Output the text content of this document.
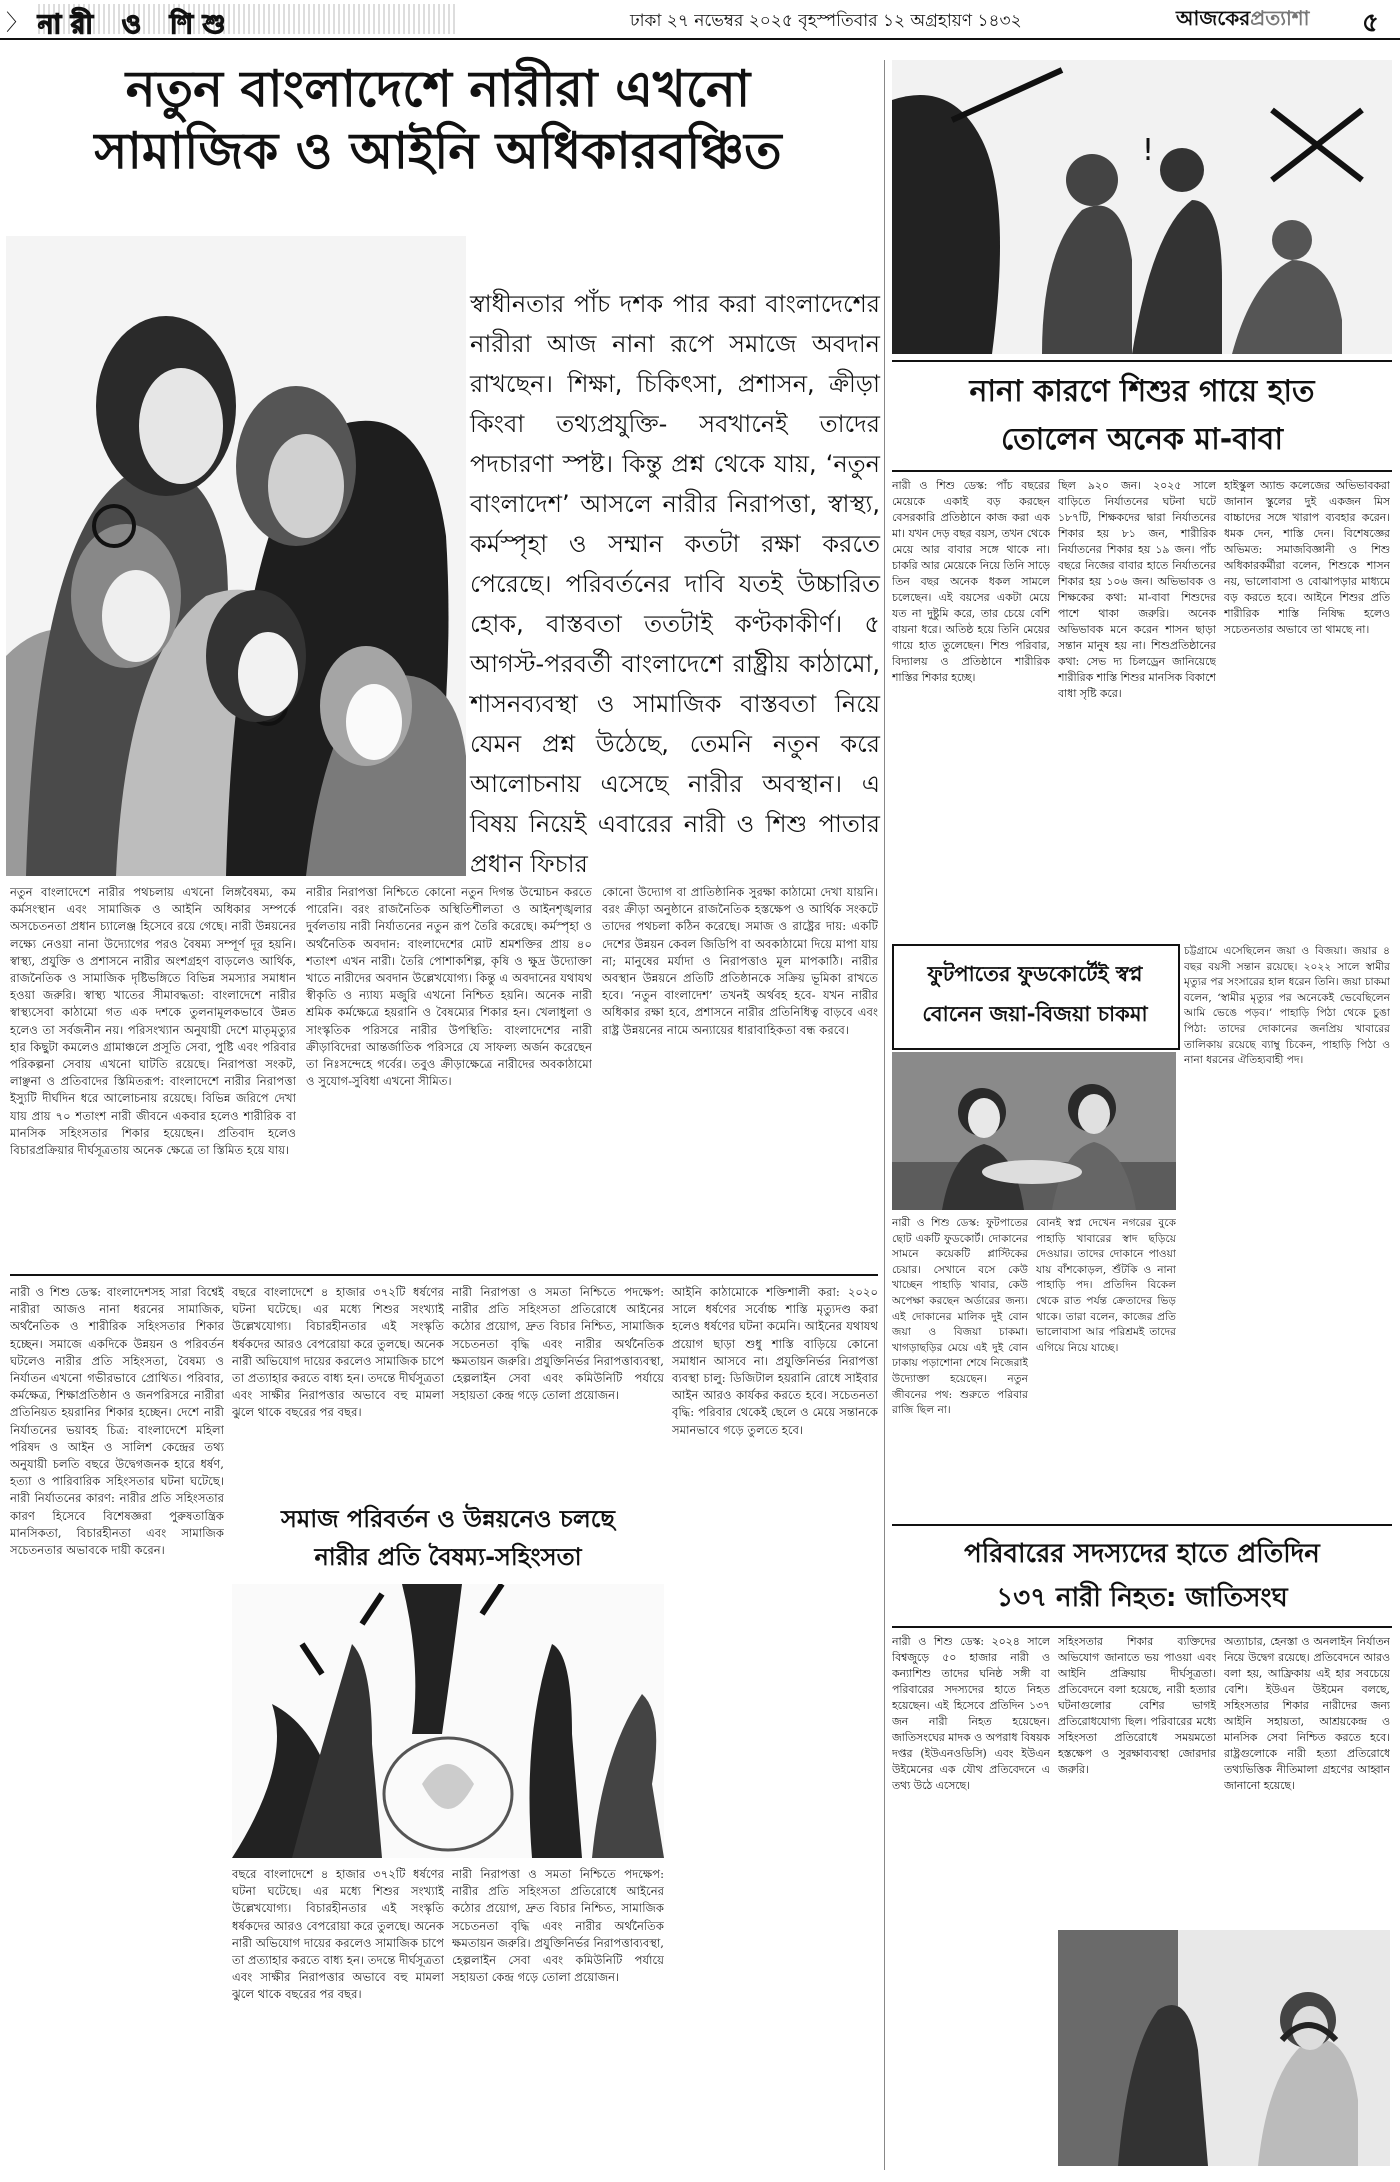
〉 নারী ও শিশু	ঢাকা ২৭ নভেম্বর ২০২৫ বৃহস্পতিবার ১২ অগ্রহায়ণ ১৪৩২	আজকেরপ্রত্যাশা ৫
নতুন বাংলাদেশে নারীরা এখনো
সামাজিক ও আইনি অধিকারবঞ্চিত
স্বাধীনতার পাঁচ দশক পার করা বাংলাদেশের নারীরা আজ নানা রূপে সমাজে অবদান রাখছেন। শিক্ষা, চিকিৎসা, প্রশাসন, ক্রীড়া কিংবা তথ্যপ্রযুক্তি- সবখানেই তাদের পদচারণা স্পষ্ট। কিন্তু প্রশ্ন থেকে যায়, ‘নতুন বাংলাদেশ’ আসলে নারীর নিরাপত্তা, স্বাস্থ্য, কর্মস্পৃহা ও সম্মান কতটা রক্ষা করতে পেরেছে। পরিবর্তনের দাবি যতই উচ্চারিত হোক, বাস্তবতা ততটাই কণ্টকাকীর্ণ। ৫ আগস্ট-পরবর্তী বাংলাদেশে রাষ্ট্রীয় কাঠামো, শাসনব্যবস্থা ও সামাজিক বাস্তবতা নিয়ে যেমন প্রশ্ন উঠেছে, তেমনি নতুন করে আলোচনায় এসেছে নারীর অবস্থান। এ বিষয় নিয়েই এবারের নারী ও শিশু পাতার প্রধান ফিচার
নতুন বাংলাদেশে নারীর পথচলায় এখনো লিঙ্গবৈষম্য, কম কর্মসংস্থান এবং সামাজিক ও আইনি অধিকার সম্পর্কে অসচেতনতা প্রধান চ্যালেঞ্জ হিসেবে রয়ে গেছে। নারী উন্নয়নের লক্ষ্যে নেওয়া নানা উদ্যোগের পরও বৈষম্য সম্পূর্ণ দূর হয়নি। স্বাস্থ্য, প্রযুক্তি ও প্রশাসনে নারীর অংশগ্রহণ বাড়লেও আর্থিক, রাজনৈতিক ও সামাজিক দৃষ্টিভঙ্গিতে বিভিন্ন সমস্যার সমাধান হওয়া জরুরি। স্বাস্থ্য খাতের সীমাবদ্ধতা: বাংলাদেশে নারীর স্বাস্থ্যসেবা কাঠামো গত এক দশকে তুলনামূলকভাবে উন্নত হলেও তা সর্বজনীন নয়। পরিসংখ্যান অনুযায়ী দেশে মাতৃমৃত্যুর হার কিছুটা কমলেও গ্রামাঞ্চলে প্রসূতি সেবা, পুষ্টি এবং পরিবার পরিকল্পনা সেবায় এখনো ঘাটতি রয়েছে। নিরাপত্তা সংকট, লাঞ্ছনা ও প্রতিবাদের স্তিমিতরূপ: বাংলাদেশে নারীর নিরাপত্তা ইস্যুটি দীর্ঘদিন ধরে আলোচনায় রয়েছে। বিভিন্ন জরিপে দেখা যায় প্রায় ৭০ শতাংশ নারী জীবনে একবার হলেও শারীরিক বা মানসিক সহিংসতার শিকার হয়েছেন। প্রতিবাদ হলেও বিচারপ্রক্রিয়ার দীর্ঘসূত্রতায় অনেক ক্ষেত্রে তা স্তিমিত হয়ে যায়।
নারীর নিরাপত্তা নিশ্চিতে কোনো নতুন দিগন্ত উন্মোচন করতে পারেনি। বরং রাজনৈতিক অস্থিতিশীলতা ও আইনশৃঙ্খলার দুর্বলতায় নারী নির্যাতনের নতুন রূপ তৈরি করেছে। কর্মস্পৃহা ও অর্থনৈতিক অবদান: বাংলাদেশের মোট শ্রমশক্তির প্রায় ৪০ শতাংশ এখন নারী। তৈরি পোশাকশিল্প, কৃষি ও ক্ষুদ্র উদ্যোক্তা খাতে নারীদের অবদান উল্লেখযোগ্য। কিন্তু এ অবদানের যথাযথ স্বীকৃতি ও ন্যায্য মজুরি এখনো নিশ্চিত হয়নি। অনেক নারী শ্রমিক কর্মক্ষেত্রে হয়রানি ও বৈষম্যের শিকার হন। খেলাধুলা ও সাংস্কৃতিক পরিসরে নারীর উপস্থিতি: বাংলাদেশের নারী ক্রীড়াবিদেরা আন্তর্জাতিক পরিসরে যে সাফল্য অর্জন করেছেন তা নিঃসন্দেহে গর্বের। তবুও ক্রীড়াক্ষেত্রে নারীদের অবকাঠামো ও সুযোগ-সুবিধা এখনো সীমিত।
কোনো উদ্যোগ বা প্রাতিষ্ঠানিক সুরক্ষা কাঠামো দেখা যায়নি। বরং ক্রীড়া অনুষ্ঠানে রাজনৈতিক হস্তক্ষেপ ও আর্থিক সংকটে তাদের পথচলা কঠিন করেছে। সমাজ ও রাষ্ট্রের দায়: একটি দেশের উন্নয়ন কেবল জিডিপি বা অবকাঠামো দিয়ে মাপা যায় না; মানুষের মর্যাদা ও নিরাপত্তাও মূল মাপকাঠি। নারীর অবস্থান উন্নয়নে প্রতিটি প্রতিষ্ঠানকে সক্রিয় ভূমিকা রাখতে হবে। ‘নতুন বাংলাদেশ’ তখনই অর্থবহ হবে- যখন নারীর অধিকার রক্ষা হবে, প্রশাসনে নারীর প্রতিনিধিত্ব বাড়বে এবং রাষ্ট্র উন্নয়নের নামে অন্যায়ের ধারাবাহিকতা বন্ধ করবে।
নারী ও শিশু ডেস্ক: বাংলাদেশসহ সারা বিশ্বেই নারীরা আজও নানা ধরনের সামাজিক, অর্থনৈতিক ও শারীরিক সহিংসতার শিকার হচ্ছেন। সমাজে একদিকে উন্নয়ন ও পরিবর্তন ঘটলেও নারীর প্রতি সহিংসতা, বৈষম্য ও নির্যাতন এখনো গভীরভাবে প্রোথিত। পরিবার, কর্মক্ষেত্র, শিক্ষাপ্রতিষ্ঠান ও জনপরিসরে নারীরা প্রতিনিয়ত হয়রানির শিকার হচ্ছেন। দেশে নারী নির্যাতনের ভয়াবহ চিত্র: বাংলাদেশে মহিলা পরিষদ ও আইন ও সালিশ কেন্দ্রের তথ্য অনুযায়ী চলতি বছরে উদ্বেগজনক হারে ধর্ষণ, হত্যা ও পারিবারিক সহিংসতার ঘটনা ঘটেছে। নারী নির্যাতনের কারণ: নারীর প্রতি সহিংসতার কারণ হিসেবে বিশেষজ্ঞরা পুরুষতান্ত্রিক মানসিকতা, বিচারহীনতা এবং সামাজিক সচেতনতার অভাবকে দায়ী করেন।
বছরে বাংলাদেশে ৪ হাজার ৩৭২টি ধর্ষণের ঘটনা ঘটেছে। এর মধ্যে শিশুর সংখ্যাই উল্লেখযোগ্য। বিচারহীনতার এই সংস্কৃতি ধর্ষকদের আরও বেপরোয়া করে তুলছে। অনেক নারী অভিযোগ দায়ের করলেও সামাজিক চাপে তা প্রত্যাহার করতে বাধ্য হন। তদন্তে দীর্ঘসূত্রতা এবং সাক্ষীর নিরাপত্তার অভাবে বহু মামলা ঝুলে থাকে বছরের পর বছর।
নারী নিরাপত্তা ও সমতা নিশ্চিতে পদক্ষেপ: নারীর প্রতি সহিংসতা প্রতিরোধে আইনের কঠোর প্রয়োগ, দ্রুত বিচার নিশ্চিত, সামাজিক সচেতনতা বৃদ্ধি এবং নারীর অর্থনৈতিক ক্ষমতায়ন জরুরি। প্রযুক্তিনির্ভর নিরাপত্তাব্যবস্থা, হেল্পলাইন সেবা এবং কমিউনিটি পর্যায়ে সহায়তা কেন্দ্র গড়ে তোলা প্রয়োজন।
আইনি কাঠামোকে শক্তিশালী করা: ২০২০ সালে ধর্ষণের সর্বোচ্চ শাস্তি মৃত্যুদণ্ড করা হলেও ধর্ষণের ঘটনা কমেনি। আইনের যথাযথ প্রয়োগ ছাড়া শুধু শাস্তি বাড়িয়ে কোনো সমাধান আসবে না। প্রযুক্তিনির্ভর নিরাপত্তা ব্যবস্থা চালু: ডিজিটাল হয়রানি রোধে সাইবার আইন আরও কার্যকর করতে হবে। সচেতনতা বৃদ্ধি: পরিবার থেকেই ছেলে ও মেয়ে সন্তানকে সমানভাবে গড়ে তুলতে হবে।
সমাজ পরিবর্তন ও উন্নয়নেও চলছে
নারীর প্রতি বৈষম্য-সহিংসতা
বছরে বাংলাদেশে ৪ হাজার ৩৭২টি ধর্ষণের ঘটনা ঘটেছে। এর মধ্যে শিশুর সংখ্যাই উল্লেখযোগ্য। বিচারহীনতার এই সংস্কৃতি ধর্ষকদের আরও বেপরোয়া করে তুলছে। অনেক নারী অভিযোগ দায়ের করলেও সামাজিক চাপে তা প্রত্যাহার করতে বাধ্য হন। তদন্তে দীর্ঘসূত্রতা এবং সাক্ষীর নিরাপত্তার অভাবে বহু মামলা ঝুলে থাকে বছরের পর বছর।
নারী নিরাপত্তা ও সমতা নিশ্চিতে পদক্ষেপ: নারীর প্রতি সহিংসতা প্রতিরোধে আইনের কঠোর প্রয়োগ, দ্রুত বিচার নিশ্চিত, সামাজিক সচেতনতা বৃদ্ধি এবং নারীর অর্থনৈতিক ক্ষমতায়ন জরুরি। প্রযুক্তিনির্ভর নিরাপত্তাব্যবস্থা, হেল্পলাইন সেবা এবং কমিউনিটি পর্যায়ে সহায়তা কেন্দ্র গড়ে তোলা প্রয়োজন।
!
নানা কারণে শিশুর গায়ে হাত
তোলেন অনেক মা-বাবা
নারী ও শিশু ডেস্ক: পাঁচ বছরের মেয়েকে একাই বড় করছেন বেসরকারি প্রতিষ্ঠানে কাজ করা এক মা। যখন দেড় বছর বয়স, তখন থেকে মেয়ে আর বাবার সঙ্গে থাকে না। চাকরি আর মেয়েকে নিয়ে তিনি সাড়ে তিন বছর অনেক ধকল সামলে চলেছেন। এই বয়সের একটা মেয়ে যত না দুষ্টুমি করে, তার চেয়ে বেশি বায়না ধরে। অতিষ্ঠ হয়ে তিনি মেয়ের গায়ে হাত তুলেছেন। শিশু পরিবার, বিদ্যালয় ও প্রতিষ্ঠানে শারীরিক শাস্তির শিকার হচ্ছে।
ছিল ৯২০ জন। ২০২৫ সালে বাড়িতে নির্যাতনের ঘটনা ঘটে ১৮৭টি, শিক্ষকদের দ্বারা নির্যাতনের শিকার হয় ৮১ জন, শারীরিক নির্যাতনের শিকার হয় ১৯ জন। পাঁচ বছরে নিজের বাবার হাতে নির্যাতনের শিকার হয় ১০৬ জন। অভিভাবক ও শিক্ষকের কথা: মা-বাবা শিশুদের পাশে থাকা জরুরি। অনেক অভিভাবক মনে করেন শাসন ছাড়া সন্তান মানুষ হয় না। শিশুপ্রতিষ্ঠানের কথা: সেভ দ্য চিলড্রেন জানিয়েছে শারীরিক শাস্তি শিশুর মানসিক বিকাশে বাধা সৃষ্টি করে।
হাইস্কুল অ্যান্ড কলেজের অভিভাবকরা জানান স্কুলের দুই একজন মিস বাচ্চাদের সঙ্গে খারাপ ব্যবহার করেন। ধমক দেন, শাস্তি দেন। বিশেষজ্ঞের অভিমত: সমাজবিজ্ঞানী ও শিশু অধিকারকর্মীরা বলেন, শিশুকে শাসন নয়, ভালোবাসা ও বোঝাপড়ার মাধ্যমে বড় করতে হবে। আইনে শিশুর প্রতি শারীরিক শাস্তি নিষিদ্ধ হলেও সচেতনতার অভাবে তা থামছে না।
ফুটপাতের ফুডকোর্টেই স্বপ্ন
বোনেন জয়া-বিজয়া চাকমা
নারী ও শিশু ডেস্ক: ফুটপাতের ছোট একটি ফুডকোর্ট। দোকানের সামনে কয়েকটি প্লাস্টিকের চেয়ার। সেখানে বসে কেউ খাচ্ছেন পাহাড়ি খাবার, কেউ অপেক্ষা করছেন অর্ডারের জন্য। এই দোকানের মালিক দুই বোন জয়া ও বিজয়া চাকমা। খাগড়াছড়ির মেয়ে এই দুই বোন ঢাকায় পড়াশোনা শেষে নিজেরাই উদ্যোক্তা হয়েছেন। নতুন জীবনের পথ: শুরুতে পরিবার রাজি ছিল না।
বোনই স্বপ্ন দেখেন নগরের বুকে পাহাড়ি খাবারের স্বাদ ছড়িয়ে দেওয়ার। তাদের দোকানে পাওয়া যায় বাঁশকোড়ল, শুঁটকি ও নানা পাহাড়ি পদ। প্রতিদিন বিকেল থেকে রাত পর্যন্ত ক্রেতাদের ভিড় থাকে। তারা বলেন, কাজের প্রতি ভালোবাসা আর পরিশ্রমই তাদের এগিয়ে নিয়ে যাচ্ছে।
চট্টগ্রামে এসেছিলেন জয়া ও বিজয়া। জয়ার ৪ বছর বয়সী সন্তান রয়েছে। ২০২২ সালে স্বামীর মৃত্যুর পর সংসারের হাল ধরেন তিনি। জয়া চাকমা বলেন, ‘স্বামীর মৃত্যুর পর অনেকেই ভেবেছিলেন আমি ভেঙে পড়ব।’ পাহাড়ি পিঠা থেকে চুঙা পিঠা: তাদের দোকানের জনপ্রিয় খাবারের তালিকায় রয়েছে ব্যাম্বু চিকেন, পাহাড়ি পিঠা ও নানা ধরনের ঐতিহ্যবাহী পদ।
পরিবারের সদস্যদের হাতে প্রতিদিন
১৩৭ নারী নিহত: জাতিসংঘ
নারী ও শিশু ডেস্ক: ২০২৪ সালে বিশ্বজুড়ে ৫০ হাজার নারী ও কন্যাশিশু তাদের ঘনিষ্ঠ সঙ্গী বা পরিবারের সদস্যদের হাতে নিহত হয়েছেন। এই হিসেবে প্রতিদিন ১৩৭ জন নারী নিহত হয়েছেন। জাতিসংঘের মাদক ও অপরাধ বিষয়ক দপ্তর (ইউএনওডিসি) এবং ইউএন উইমেনের এক যৌথ প্রতিবেদনে এ তথ্য উঠে এসেছে।
সহিংসতার শিকার ব্যক্তিদের অভিযোগ জানাতে ভয় পাওয়া এবং আইনি প্রক্রিয়ায় দীর্ঘসূত্রতা। প্রতিবেদনে বলা হয়েছে, নারী হত্যার ঘটনাগুলোর বেশির ভাগই প্রতিরোধযোগ্য ছিল। পরিবারের মধ্যে সহিংসতা প্রতিরোধে সময়মতো হস্তক্ষেপ ও সুরক্ষাব্যবস্থা জোরদার জরুরি।
অত্যাচার, হেনস্তা ও অনলাইন নির্যাতন নিয়ে উদ্বেগ রয়েছে। প্রতিবেদনে আরও বলা হয়, আফ্রিকায় এই হার সবচেয়ে বেশি। ইউএন উইমেন বলছে, সহিংসতার শিকার নারীদের জন্য আইনি সহায়তা, আশ্রয়কেন্দ্র ও মানসিক সেবা নিশ্চিত করতে হবে। রাষ্ট্রগুলোকে নারী হত্যা প্রতিরোধে তথ্যভিত্তিক নীতিমালা গ্রহণের আহ্বান জানানো হয়েছে।
